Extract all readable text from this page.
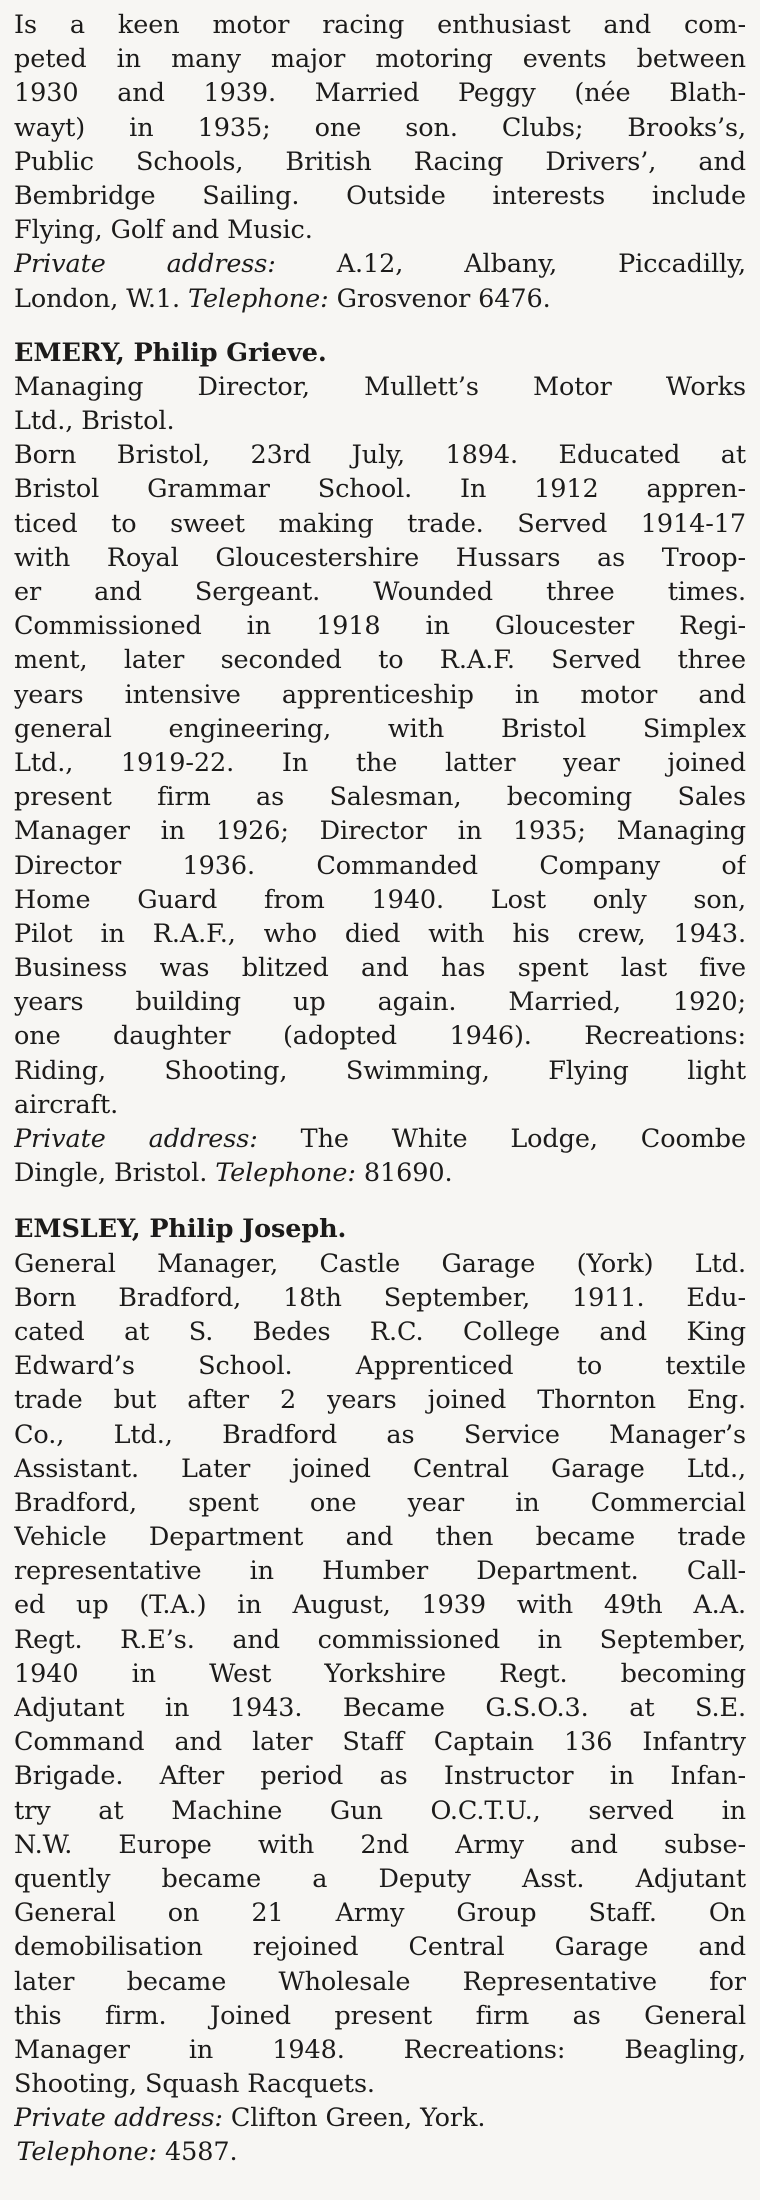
Is a keen motor racing enthusiast and com-
peted in many major motoring events between
1930 and 1939. Married Peggy (née Blath-
wayt) in 1935; one son. Clubs; Brooks’s,
Public Schools, British Racing Drivers’, and
Bembridge Sailing. Outside interests include
Flying, Golf and Music.
Private address: A.12, Albany, Piccadilly,
London, W.1. Telephone: Grosvenor 6476.
EMERY, Philip Grieve.
Managing Director, Mullett’s Motor Works
Ltd., Bristol.
Born Bristol, 23rd July, 1894. Educated at
Bristol Grammar School. In 1912 appren-
ticed to sweet making trade. Served 1914-17
with Royal Gloucestershire Hussars as Troop-
er and Sergeant. Wounded three times.
Commissioned in 1918 in Gloucester Regi-
ment, later seconded to R.A.F. Served three
years intensive apprenticeship in motor and
general engineering, with Bristol Simplex
Ltd., 1919-22. In the latter year joined
present firm as Salesman, becoming Sales
Manager in 1926; Director in 1935; Managing
Director 1936. Commanded Company of
Home Guard from 1940. Lost only son,
Pilot in R.A.F., who died with his crew, 1943.
Business was blitzed and has spent last five
years building up again. Married, 1920;
one daughter (adopted 1946). Recreations:
Riding, Shooting, Swimming, Flying light
aircraft.
Private address: The White Lodge, Coombe
Dingle, Bristol. Telephone: 81690.
EMSLEY, Philip Joseph.
General Manager, Castle Garage (York) Ltd.
Born Bradford, 18th September, 1911. Edu-
cated at S. Bedes R.C. College and King
Edward’s School. Apprenticed to textile
trade but after 2 years joined Thornton Eng.
Co., Ltd., Bradford as Service Manager’s
Assistant. Later joined Central Garage Ltd.,
Bradford, spent one year in Commercial
Vehicle Department and then became trade
representative in Humber Department. Call-
ed up (T.A.) in August, 1939 with 49th A.A.
Regt. R.E’s. and commissioned in September,
1940 in West Yorkshire Regt. becoming
Adjutant in 1943. Became G.S.O.3. at S.E.
Command and later Staff Captain 136 Infantry
Brigade. After period as Instructor in Infan-
try at Machine Gun O.C.T.U., served in
N.W. Europe with 2nd Army and subse-
quently became a Deputy Asst. Adjutant
General on 21 Army Group Staff. On
demobilisation rejoined Central Garage and
later became Wholesale Representative for
this firm. Joined present firm as General
Manager in 1948. Recreations: Beagling,
Shooting, Squash Racquets.
Private address: Clifton Green, York.
 Telephone: 4587.
